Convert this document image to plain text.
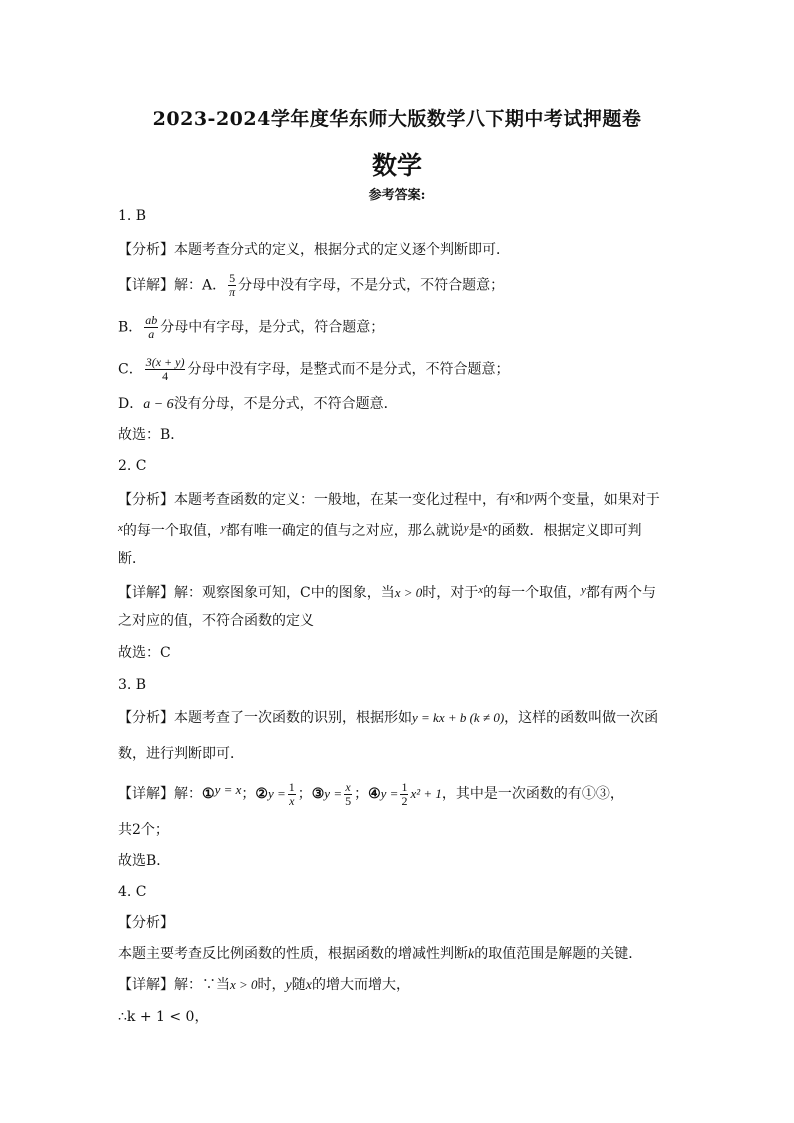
2023-2024学年度华东师大版数学八下期中考试押题卷
数学
参考答案:
1. B
【分析】本题考查分式的定义，根据分式的定义逐个判断即可．
【详解】解：A． $\frac{5}{\pi}$ 分母中没有字母，不是分式，不符合题意；
B． $\frac{ab}{a}$ 分母中有字母，是分式，符合题意；
C． $\frac{3(x + y)}{4}$ 分母中没有字母，是整式而不是分式，不符合题意；
D．a − 6没有分母，不是分式，不符合题意．
故选：B．
2. C
【分析】本题考查函数的定义：一般地，在某一变化过程中，有$^x$和$^y$两个变量，如果对于
$^x$的每一个取值，$^y$都有唯一确定的值与之对应，那么就说$^y$是$^x$的函数．根据定义即可判
断．
【详解】解：观察图象可知，C中的图象，当x > 0时，对于$^x$的每一个取值，$^y$都有两个与
之对应的值，不符合函数的定义
故选：C
3. B
【分析】本题考查了一次函数的识别，根据形如y = kx + b (k ≠ 0)，这样的函数叫做一次函
数，进行判断即可．
【详解】解：①y = x；②y = $\frac{1}{x}$ ；③y = $\frac{x}{5}$ ；④y = $\frac{1}{2} x^2 + 1$，其中是一次函数的有①③，
共2个；
故选B．
4. C
【分析】
本题主要考查反比例函数的性质，根据函数的增减性判断k的取值范围是解题的关键．
【详解】解：∵当x > 0时，y随x的增大而增大，
∴k + 1 < 0，
